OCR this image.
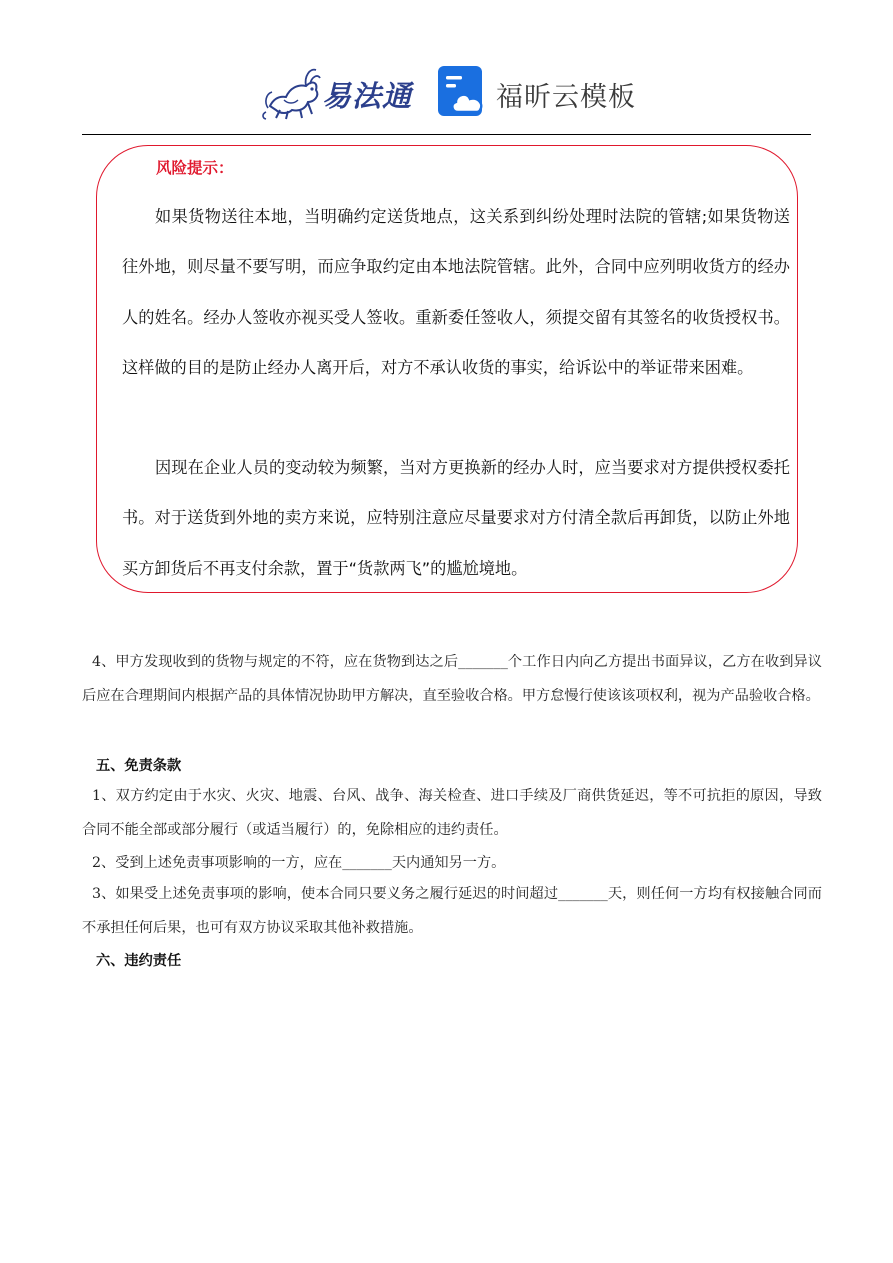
易法通	福昕云模板
风险提示：

如果货物送往本地，当明确约定送货地点，这关系到纠纷处理时法院的管辖;如果货物送往外地，则尽量不要写明，而应争取约定由本地法院管辖。此外，合同中应列明收货方的经办人的姓名。经办人签收亦视买受人签收。重新委任签收人，须提交留有其签名的收货授权书。这样做的目的是防止经办人离开后，对方不承认收货的事实，给诉讼中的举证带来困难。

因现在企业人员的变动较为频繁，当对方更换新的经办人时，应当要求对方提供授权委托书。对于送货到外地的卖方来说，应特别注意应尽量要求对方付清全款后再卸货，以防止外地买方卸货后不再支付余款，置于“货款两飞”的尴尬境地。

4、甲方发现收到的货物与规定的不符，应在货物到达之后_______个工作日内向乙方提出书面异议，乙方在收到异议后应在合理期间内根据产品的具体情况协助甲方解决，直至验收合格。甲方怠慢行使该该项权利，视为产品验收合格。

五、免责条款

1、双方约定由于水灾、火灾、地震、台风、战争、海关检查、进口手续及厂商供货延迟，等不可抗拒的原因，导致合同不能全部或部分履行（或适当履行）的，免除相应的违约责任。

2、受到上述免责事项影响的一方，应在_______天内通知另一方。

3、如果受上述免责事项的影响，使本合同只要义务之履行延迟的时间超过_______天，则任何一方均有权接触合同而不承担任何后果，也可有双方协议采取其他补救措施。

六、违约责任
